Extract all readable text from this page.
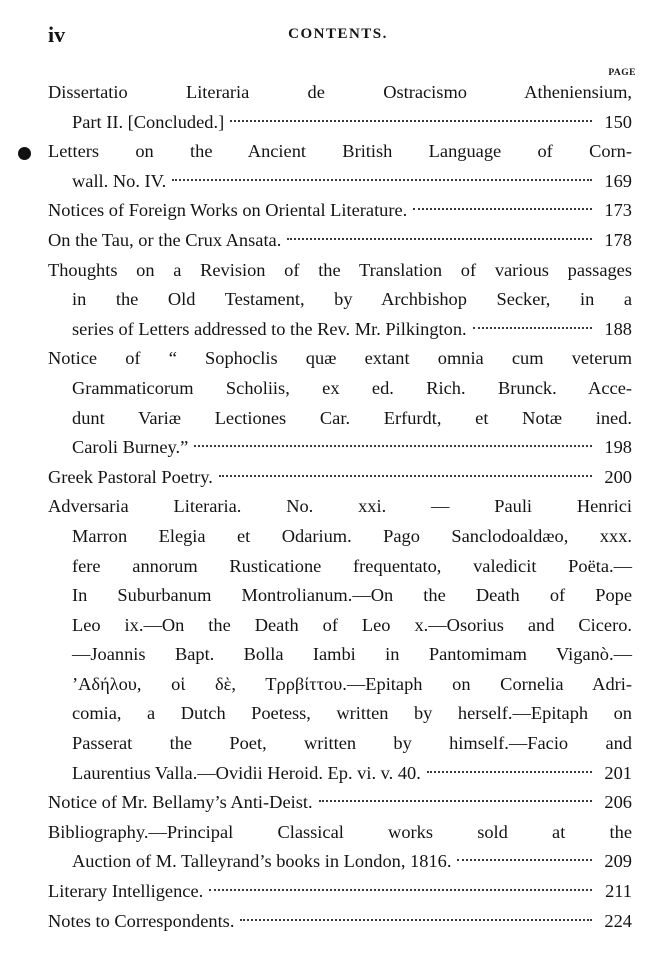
iv	CONTENTS.
PAGE
Dissertatio Literaria de Ostracismo Atheniensium,
Part II. [Concluded.]	150
Letters on the Ancient British Language of Corn-
wall. No. IV.	169
Notices of Foreign Works on Oriental Literature.	173
On the Tau, or the Crux Ansata.	178
Thoughts on a Revision of the Translation of various passages
in the Old Testament, by Archbishop Secker, in a
series of Letters addressed to the Rev. Mr. Pilkington.	188
Notice of “ Sophoclis quæ extant omnia cum veterum
Grammaticorum Scholiis, ex ed. Rich. Brunck. Acce-
dunt Variæ Lectiones Car. Erfurdt, et Notæ ined.
Caroli Burney.”	198
Greek Pastoral Poetry.	200
Adversaria Literaria. No. xxi. — Pauli Henrici
Marron Elegia et Odarium. Pago Sanclodoaldæo, xxx.
fere annorum Rusticatione frequentato, valedicit Poëta.—
In Suburbanum Montrolianum.—On the Death of Pope
Leo ix.—On the Death of Leo x.—Osorius and Cicero.
—Joannis Bapt. Bolla Iambi in Pantomimam Viganò.—
’Αδήλου, οἱ δὲ, Τρρβίττου.—Epitaph on Cornelia Adri-
comia, a Dutch Poetess, written by herself.—Epitaph on
Passerat the Poet, written by himself.—Facio and
Laurentius Valla.—Ovidii Heroid. Ep. vi. v. 40.	201
Notice of Mr. Bellamy’s Anti-Deist.	206
Bibliography.—Principal Classical works sold at the
Auction of M. Talleyrand’s books in London, 1816.	209
Literary Intelligence.	211
Notes to Correspondents.	224
